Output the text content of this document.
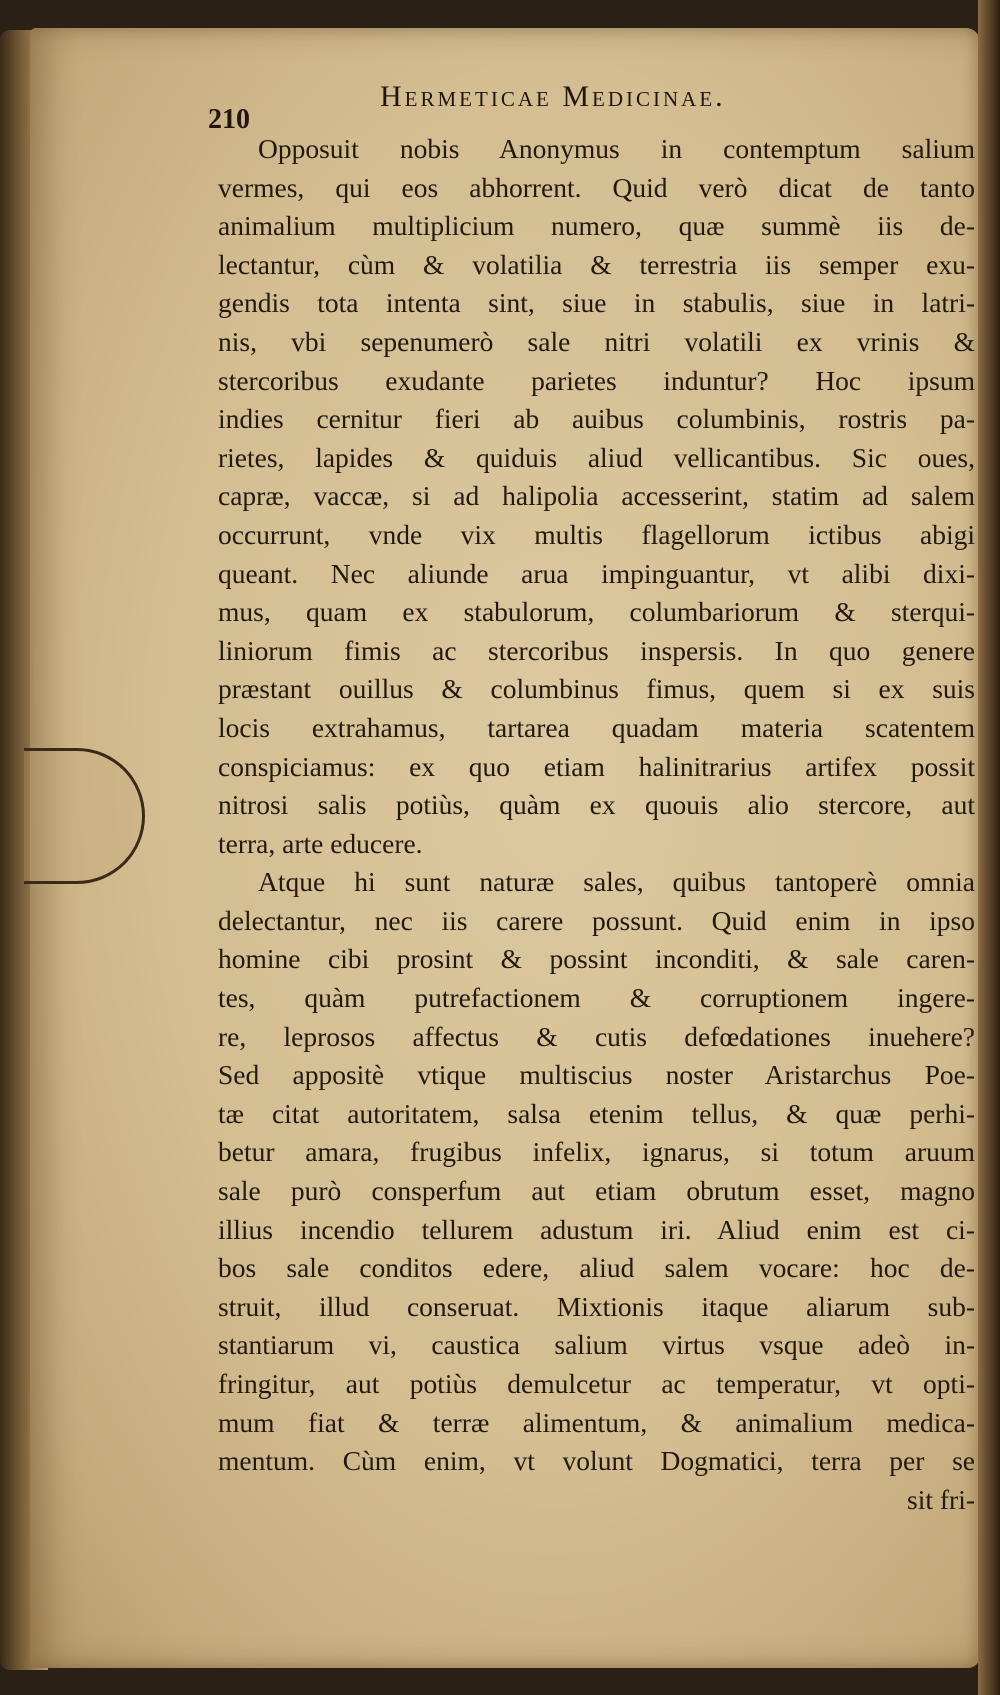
210
Hermeticae Medicinae.
Opposuit nobis Anonymus in contemptum salium
vermes, qui eos abhorrent. Quid verò dicat de tanto
animalium multiplicium numero, quæ summè iis de-
lectantur, cùm & volatilia & terrestria iis semper exu-
gendis tota intenta sint, siue in stabulis, siue in latri-
nis, vbi sepenumerò sale nitri volatili ex vrinis &
stercoribus exudante parietes induntur? Hoc ipsum
indies cernitur fieri ab auibus columbinis, rostris pa-
rietes, lapides & quiduis aliud vellicantibus. Sic oues,
capræ, vaccæ, si ad halipolia accesserint, statim ad salem
occurrunt, vnde vix multis flagellorum ictibus abigi
queant. Nec aliunde arua impinguantur, vt alibi dixi-
mus, quam ex stabulorum, columbariorum & sterqui-
liniorum fimis ac stercoribus inspersis. In quo genere
præstant ouillus & columbinus fimus, quem si ex suis
locis extrahamus, tartarea quadam materia scatentem
conspiciamus: ex quo etiam halinitrarius artifex possit
nitrosi salis potiùs, quàm ex quouis alio stercore, aut
terra, arte educere.
Atque hi sunt naturæ sales, quibus tantoperè omnia
delectantur, nec iis carere possunt. Quid enim in ipso
homine cibi prosint & possint inconditi, & sale caren-
tes, quàm putrefactionem & corruptionem ingere-
re, leprosos affectus & cutis defœdationes inuehere?
Sed appositè vtique multiscius noster Aristarchus Poe-
tæ citat autoritatem, salsa etenim tellus, & quæ perhi-
betur amara, frugibus infelix, ignarus, si totum aruum
sale purò consperfum aut etiam obrutum esset, magno
illius incendio tellurem adustum iri. Aliud enim est ci-
bos sale conditos edere, aliud salem vocare: hoc de-
struit, illud conseruat. Mixtionis itaque aliarum sub-
stantiarum vi, caustica salium virtus vsque adeò in-
fringitur, aut potiùs demulcetur ac temperatur, vt opti-
mum fiat & terræ alimentum, & animalium medica-
mentum. Cùm enim, vt volunt Dogmatici, terra per se
sit fri-
